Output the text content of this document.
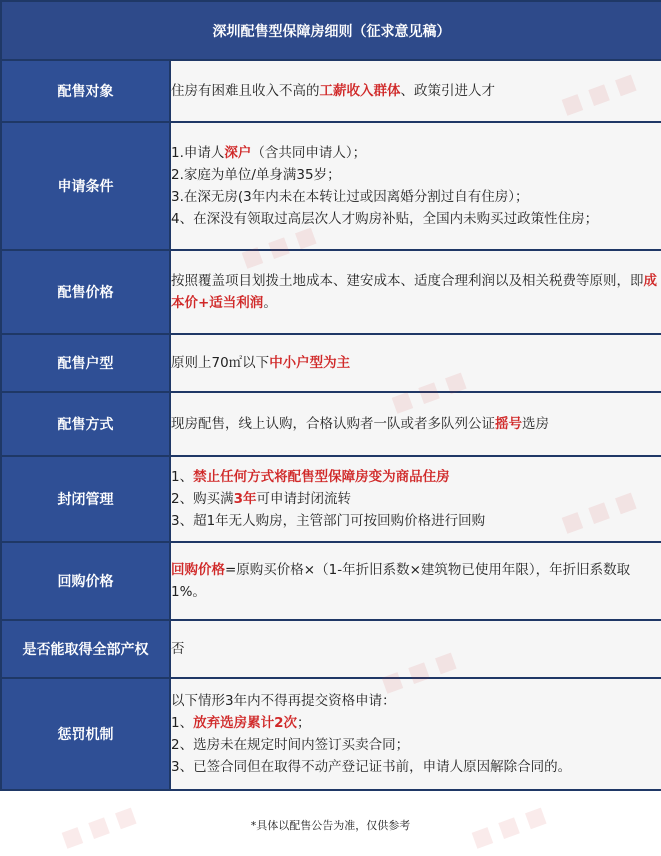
深圳配售型保障房细则（征求意见稿）	
配售对象	住房有困难且收入不高的工薪收入群体、政策引进人才

申请条件	1.申请人深户（含共同申请人）；
2.家庭为单位/单身满35岁；
3.在深无房(3年内未在本转让过或因离婚分割过自有住房）；
4、在深没有领取过高层次人才购房补贴，全国内未购买过政策性住房；

配售价格	按照覆盖项目划拨土地成本、建安成本、适度合理利润以及相关税费等原则，即成本价+适当利润。

配售户型	原则上70㎡以下中小户型为主

配售方式	现房配售，线上认购，合格认购者一队或者多队列公证摇号选房

封闭管理	1、禁止任何方式将配售型保障房变为商品住房
2、购买满3年可申请封闭流转
3、超1年无人购房，主管部门可按回购价格进行回购

回购价格	回购价格=原购买价格×（1-年折旧系数×建筑物已使用年限），年折旧系数取1%。

是否能取得全部产权	否
惩罚机制	以下情形3年内不得再提交资格申请：
1、放弃选房累计2次；
2、选房未在规定时间内签订买卖合同；
3、已签合同但在取得不动产登记证书前，申请人原因解除合同的。
*具体以配售公告为准，仅供参考
■ ■ ■	■ ■ ■
